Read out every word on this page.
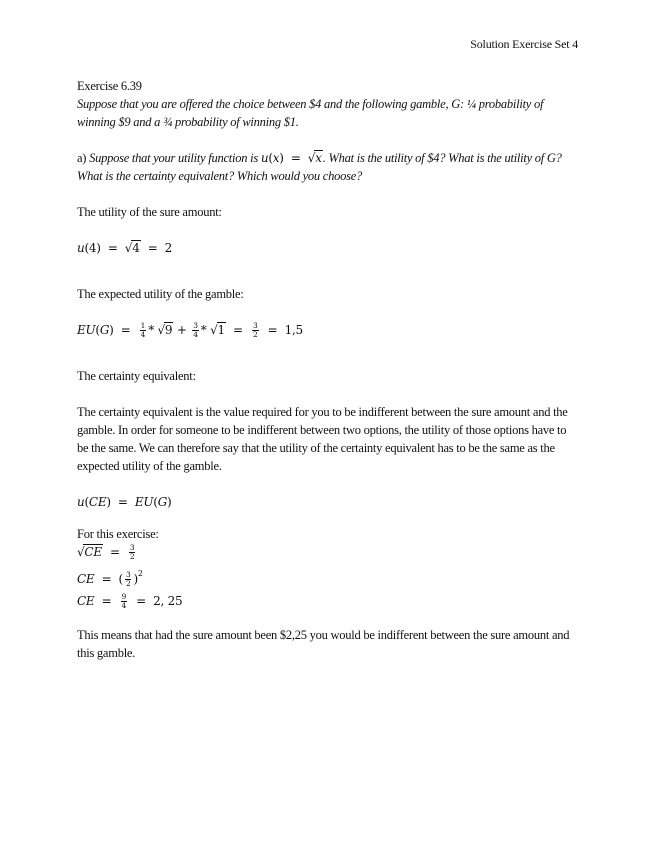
Solution Exercise Set 4

Exercise 6.39

Suppose that you are offered the choice between $4 and the following gamble, G: ¼ probability of winning $9 and a ¾ probability of winning $1.

a) Suppose that your utility function is u(x)  =  √x. What is the utility of $4? What is the utility of G? What is the certainty equivalent? Which would you choose?

The utility of the sure amount:

u(4)  =  √4  =  2

The expected utility of the gamble:

$EU(G) = \frac{1}{4} * √9 + \frac{3}{4} * √1 = \frac{3}{2} = 1,5$

The certainty equivalent:

The certainty equivalent is the value required for you to be indifferent between the sure amount and the gamble. In order for someone to be indifferent between two options, the utility of those options have to be the same. We can therefore say that the utility of the certainty equivalent has to be the same as the expected utility of the gamble.

u(CE)  =  EU(G)

For this exercise:

$√CE = \frac{3}{2}$

CE  =  ( $\frac{3}{2} )^2$

CE  = $\frac{9}{4} = 2$, 25

This means that had the sure amount been $2,25 you would be indifferent between the sure amount and this gamble.
